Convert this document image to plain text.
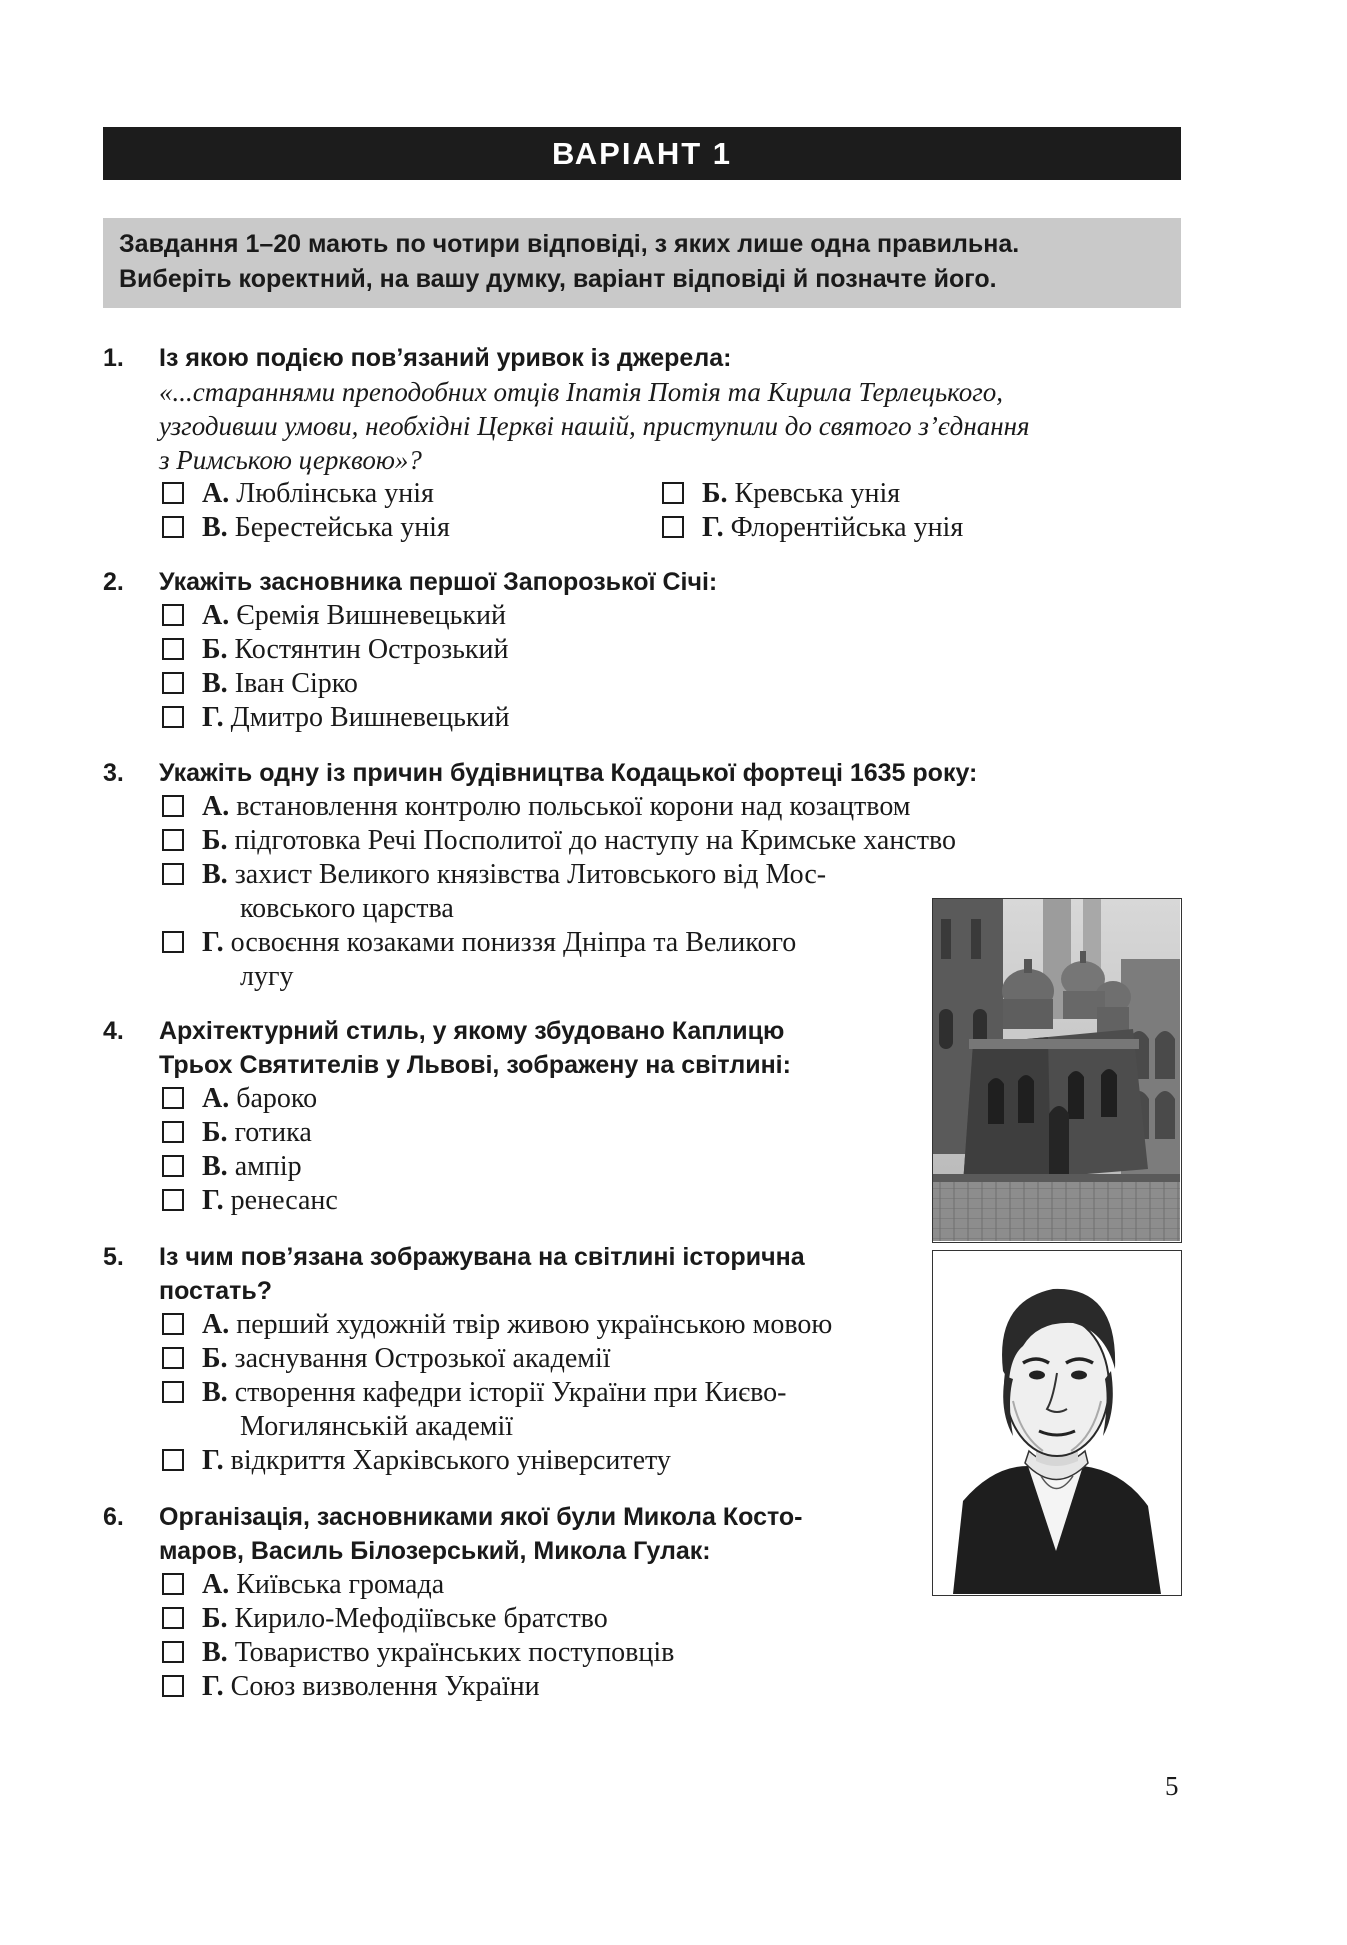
ВАРІАНТ 1
Завдання 1–20 мають по чотири відповіді, з яких лише одна правильна.
Виберіть коректний, на вашу думку, варіант відповіді й позначте його.
1. Із якою подією пов’язаний уривок із джерела:
«...стараннями преподобних отців Іпатія Потія та Кирила Терлецького,
узгодивши умови, необхідні Церкві нашій, приступили до святого з’єднання
з Римською церквою»?
А. Люблінська унія	Б. Кревська унія
В. Берестейська унія	Г. Флорентійська унія
2. Укажіть засновника першої Запорозької Січі:
А. Єремія Вишневецький
Б. Костянтин Острозький
В. Іван Сірко
Г. Дмитро Вишневецький
3. Укажіть одну із причин будівництва Кодацької фортеці 1635 року:
А. встановлення контролю польської корони над козацтвом
Б. підготовка Речі Посполитої до наступу на Кримське ханство
В. захист Великого князівства Литовського від Мос-
ковського царства
Г. освоєння козаками пониззя Дніпра та Великого
лугу
4. Архітектурний стиль, у якому збудовано Каплицю
Трьох Святителів у Львові, зображену на світлині:
А. бароко
Б. готика
В. ампір
Г. ренесанс
5. Із чим пов’язана зображувана на світлині історична
постать?
А. перший художній твір живою українською мовою
Б. заснування Острозької академії
В. створення кафедри історії України при Києво-
Могилянській академії
Г. відкриття Харківського університету
6. Організація, засновниками якої були Микола Косто-
маров, Василь Білозерський, Микола Гулак:
А. Київська громада
Б. Кирило-Мефодіївське братство
В. Товариство українських поступовців
Г. Союз визволення України
5
